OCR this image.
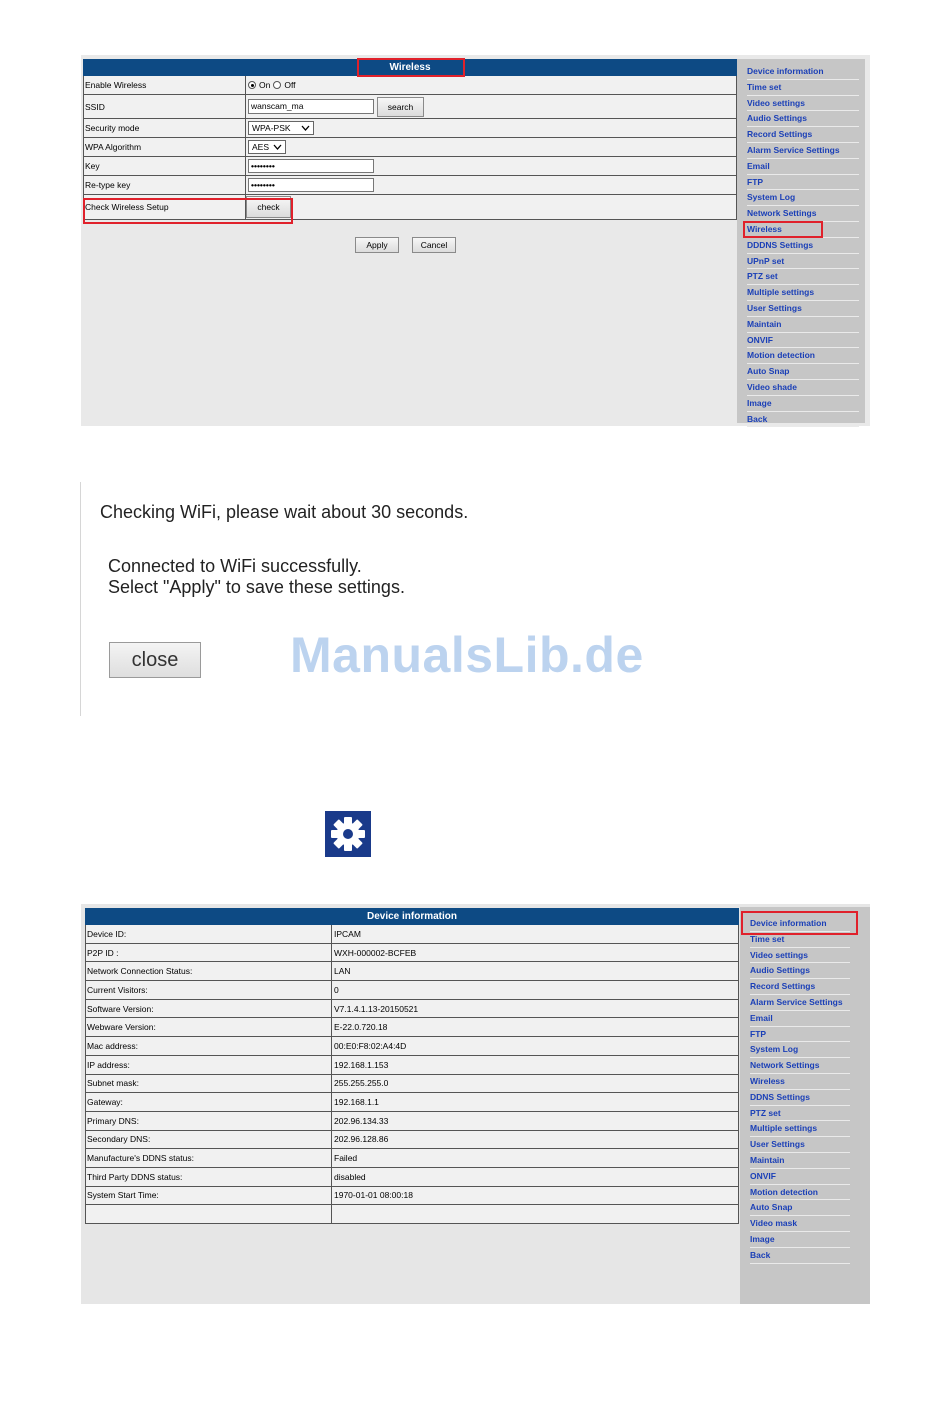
Wireless
Enable Wireless	On Off
SSID	wanscam_ma	search
Security mode	WPA-PSK
WPA Algorithm	AES
Key	••••••••
Re-type key	••••••••
Check Wireless Setup	check
Apply	Cancel
Device information
Time set
Video settings
Audio Settings
Record Settings
Alarm Service Settings
Email
FTP
System Log
Network Settings
Wireless
DDDNS Settings
UPnP set
PTZ set
Multiple settings
User Settings
Maintain
ONVIF
Motion detection
Auto Snap
Video shade
Image
Back
Checking WiFi, please wait about 30 seconds.
Connected to WiFi successfully.
Select "Apply" to save these settings.
close	ManualsLib.de
Device information
Device ID:	IPCAM
P2P ID :	WXH-000002-BCFEB
Network Connection Status:	LAN
Current Visitors:	0
Software Version:	V7.1.4.1.13-20150521
Webware Version:	E-22.0.720.18
Mac address:	00:E0:F8:02:A4:4D
IP address:	192.168.1.153
Subnet mask:	255.255.255.0
Gateway:	192.168.1.1
Primary DNS:	202.96.134.33
Secondary DNS:	202.96.128.86
Manufacture's DDNS status:	Failed
Third Party DDNS status:	disabled
System Start Time:	1970-01-01 08:00:18
Device information
Time set
Video settings
Audio Settings
Record Settings
Alarm Service Settings
Email
FTP
System Log
Network Settings
Wireless
DDNS Settings
PTZ set
Multiple settings
User Settings
Maintain
ONVIF
Motion detection
Auto Snap
Video mask
Image
Back
